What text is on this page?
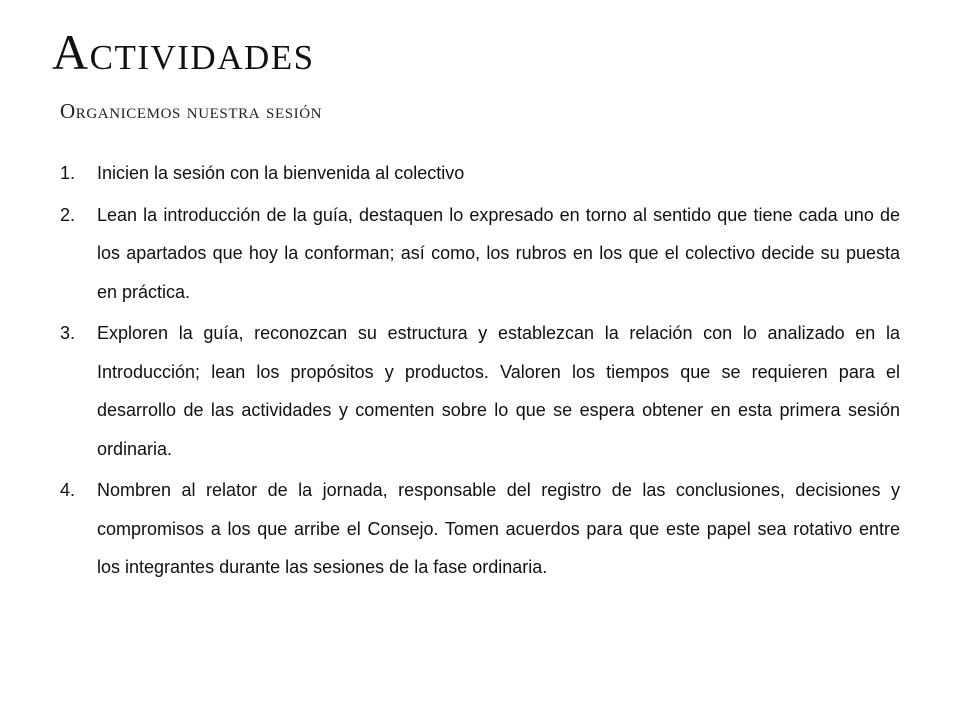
Actividades
Organicemos nuestra sesión
1. Inicien la sesión con la bienvenida al colectivo
2. Lean la introducción de la guía, destaquen lo expresado en torno al sentido que tiene cada uno de los apartados que hoy la conforman; así como, los rubros en los que el colectivo decide su puesta en práctica.
3. Exploren la guía, reconozcan su estructura y establezcan la relación con lo analizado en la Introducción; lean los propósitos y productos. Valoren los tiempos que se requieren para el desarrollo de las actividades y comenten sobre lo que se espera obtener en esta primera sesión ordinaria.
4. Nombren al relator de la jornada, responsable del registro de las conclusiones, decisiones y compromisos a los que arribe el Consejo. Tomen acuerdos para que este papel sea rotativo entre los integrantes durante las sesiones de la fase ordinaria.
